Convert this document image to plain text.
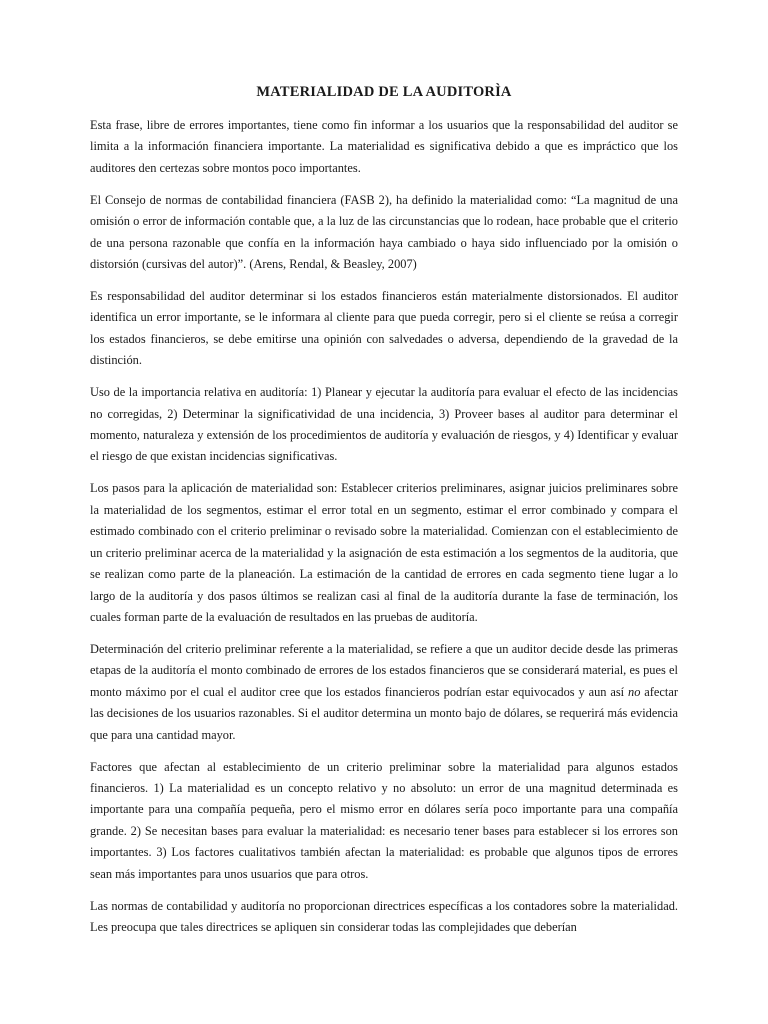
MATERIALIDAD DE LA AUDITORÌA

Esta frase, libre de errores importantes, tiene como fin informar a los usuarios que la responsabilidad del auditor se limita a la información financiera importante. La materialidad es significativa debido a que es impráctico que los auditores den certezas sobre montos poco importantes.

El Consejo de normas de contabilidad financiera (FASB 2), ha definido la materialidad como: “La magnitud de una omisión o error de información contable que, a la luz de las circunstancias que lo rodean, hace probable que el criterio de una persona razonable que confía en la información haya cambiado o haya sido influenciado por la omisión o distorsión (cursivas del autor)”. (Arens, Rendal, & Beasley, 2007)

Es responsabilidad del auditor determinar si los estados financieros están materialmente distorsionados. El auditor identifica un error importante, se le informara al cliente para que pueda corregir, pero si el cliente se reúsa a corregir los estados financieros, se debe emitirse una opinión con salvedades o adversa, dependiendo de la gravedad de la distinción.

Uso de la importancia relativa en auditoría: 1) Planear y ejecutar la auditoría para evaluar el efecto de las incidencias no corregidas, 2) Determinar la significatividad de una incidencia, 3) Proveer bases al auditor para determinar el momento, naturaleza y extensión de los procedimientos de auditoría y evaluación de riesgos, y 4) Identificar y evaluar el riesgo de que existan incidencias significativas.

Los pasos para la aplicación de materialidad son: Establecer criterios preliminares, asignar juicios preliminares sobre la materialidad de los segmentos, estimar el error total en un segmento, estimar el error combinado y compara el estimado combinado con el criterio preliminar o revisado sobre la materialidad. Comienzan con el establecimiento de un criterio preliminar acerca de la materialidad y la asignación de esta estimación a los segmentos de la auditoria, que se realizan como parte de la planeación. La estimación de la cantidad de errores en cada segmento tiene lugar a lo largo de la auditoría y dos pasos últimos se realizan casi al final de la auditoría durante la fase de terminación, los cuales forman parte de la evaluación de resultados en las pruebas de auditoría.

Determinación del criterio preliminar referente a la materialidad, se refiere a que un auditor decide desde las primeras etapas de la auditoría el monto combinado de errores de los estados financieros que se considerará material, es pues el monto máximo por el cual el auditor cree que los estados financieros podrían estar equivocados y aun así no afectar las decisiones de los usuarios razonables. Si el auditor determina un monto bajo de dólares, se requerirá más evidencia que para una cantidad mayor.

Factores que afectan al establecimiento de un criterio preliminar sobre la materialidad para algunos estados financieros. 1) La materialidad es un concepto relativo y no absoluto: un error de una magnitud determinada es importante para una compañía pequeña, pero el mismo error en dólares sería poco importante para una compañía grande. 2) Se necesitan bases para evaluar la materialidad: es necesario tener bases para establecer si los errores son importantes. 3) Los factores cualitativos también afectan la materialidad: es probable que algunos tipos de errores sean más importantes para unos usuarios que para otros.

Las normas de contabilidad y auditoría no proporcionan directrices específicas a los contadores sobre la materialidad. Les preocupa que tales directrices se apliquen sin considerar todas las complejidades que deberían
